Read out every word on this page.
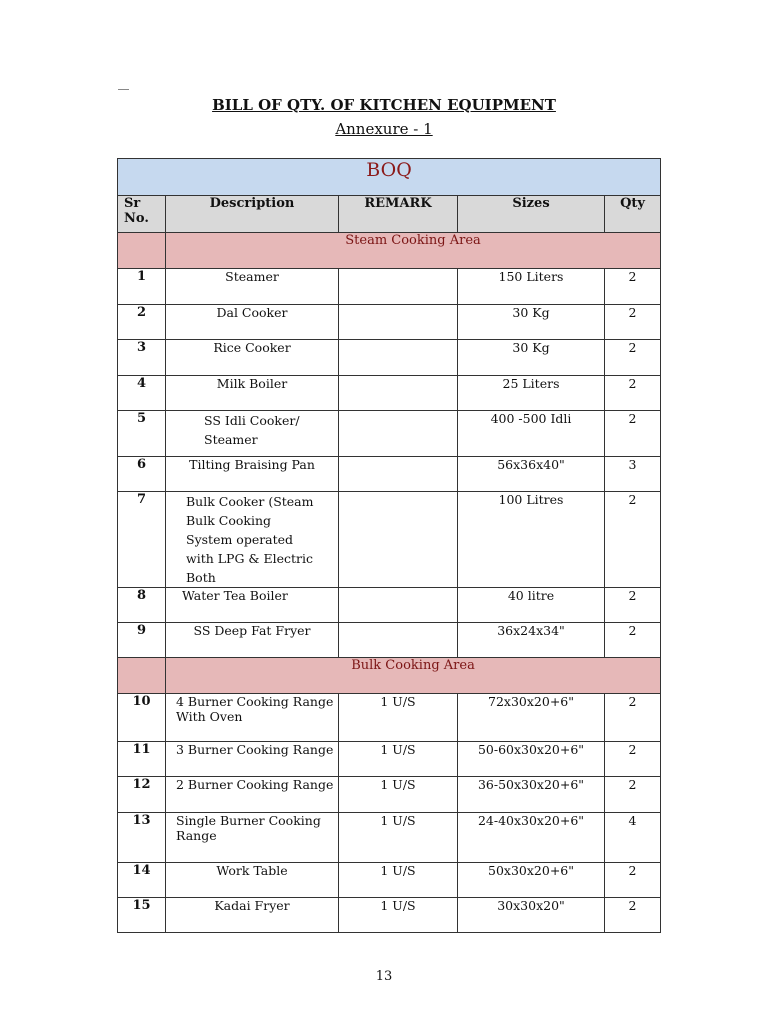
BILL OF QTY. OF KITCHEN EQUIPMENT
Annexure - 1
BOQ				
Sr No.	Description	REMARK	Sizes	Qty
	Steam Cooking Area			
1	Steamer		150 Liters	2
2	Dal Cooker		30 Kg	2
3	Rice Cooker		30 Kg	2
4	Milk Boiler		25 Liters	2
5	SS Idli Cooker/ Steamer		400 -500 Idli	2
6	Tilting Braising Pan		56x36x40"	3
7	Bulk Cooker (Steam Bulk Cooking System operated with LPG & Electric Both		100 Litres	2
8	Water Tea Boiler		40 litre	2
9	SS Deep Fat Fryer		36x24x34"	2
	Bulk Cooking Area			
10	4 Burner Cooking Range With Oven	1 U/S	72x30x20+6"	2
11	3 Burner Cooking Range	1 U/S	50-60x30x20+6"	2
12	2 Burner Cooking Range	1 U/S	36-50x30x20+6"	2
13	Single Burner Cooking Range	1 U/S	24-40x30x20+6"	4
14	Work Table	1 U/S	50x30x20+6"	2
15	Kadai Fryer	1 U/S	30x30x20"	2
13
